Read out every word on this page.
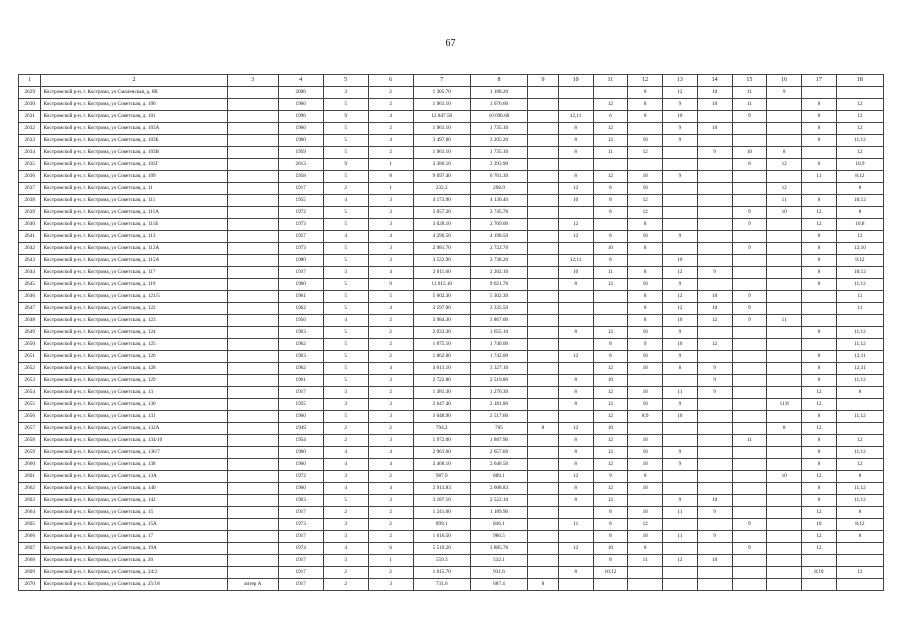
67
1	2	3	4	5	6	7	8	9	10	11	12	13	14	15	16	17	18
2629	Костромской р-н, г. Кострома, ул Смоленская, д. 6В		2006	3	2	1 305.70	1 188.20				8	12	10	11	9		
2630	Костромской р-н, г. Кострома, ул Советская, д. 100		1966	5	2	1 961.10	1 676.60			12	8	9	10	11		8	12
2631	Костромской р-н, г. Кострома, ул Советская, д. 101		1996	9	4	12 847.50	10 696.60		12,11	6	8	10		9		8	12
2632	Костромской р-н, г. Кострома, ул Советская, д. 103А		1966	5	2	1 961.10	1 735.10		8	12		9	10			8	12
2633	Костромской р-н, г. Кострома, ул Советская, д. 103Б		1960	5	4	3 497.00	3 205.20		8	12	10	9				8	11;12
2634	Костромской р-н, г. Кострома, ул Советская, д. 103В		1959	5	2	1 961.10	1 735.10		8	11	12		9	10	8		12
2635	Костромской р-н, г. Кострома, ул Советская, д. 103Г		2013	9	1	3 380.10	2 393.90							8	12	6	10,9
2636	Костромской р-н, г. Кострома, ул Советская, д. 109		1958	5	8	9 697.40	6 701.30		8	12	10	9				11	8;12
2637	Костромской р-н, г. Кострома, ул Советская, д. 11		1917	2	1	232.2	208.9		12	8	10				12		8
2638	Костромской р-н, г. Кострома, ул Советская, д. 111		1955	4	3	4 173.90	4 130.40		10	8	12				11	8	10;12
2639	Костромской р-н, г. Кострома, ул Советская, д. 111А		1972	5	3	3 057.20	2 745.70			8	12			9	10	12	8
2640	Костромской р-н, г. Кострома, ул Советская, д. 111Б		1973	5	3	3 028.10	2 769.00		12		8			9		12	10;8
2641	Костромской р-н, г. Кострома, ул Советская, д. 113		1957	4	4	4 290.50	4 198.50		12	8	10	9				8	12
2642	Костромской р-н, г. Кострома, ул Советская, д. 113А		1973	5	3	2 981.70	2 722.70			10	8			9		8	12;10
2643	Костромской р-н, г. Кострома, ул Советская, д. 115А		1980	5	3	3 522.90	2 738.20		12;11	8		10				8	9;12
2644	Костромской р-н, г. Кострома, ул Советская, д. 117		1937	3	4	2 811.60	2 202.10		10	11	8	12	9			8	10;12
2645	Костромской р-н, г. Кострома, ул Советская, д. 119		1960	5	9	11 015.10	9 021.70		8	12	10	9				8	11;12
2646	Костромской р-н, г. Кострома, ул Советская, д. 121/5		1961	5	5	5 602.30	5 302.30				8	12	10	9			11
2647	Костромской р-н, г. Кострома, ул Советская, д. 122		1962	5	4	3 597.90	3 335.50				8	12	10	9			11
2648	Костромской р-н, г. Кострома, ул Советская, д. 123		1956	4	2	3 984.30	3 867.00				8	10	12	9	11		
2649	Костромской р-н, г. Кострома, ул Советская, д. 124		1963	5	2	2 033.30	1 655.10		8	12	10	9				8	11;12
2650	Костромской р-н, г. Кострома, ул Советская, д. 125		1962	5	2	1 875.10	1 740.00			8	9	10	12				11;12
2651	Костромской р-н, г. Кострома, ул Советская, д. 126		1963	5	2	1 862.00	1 742.00		12	8	10	9				8	12;11
2652	Костромской р-н, г. Кострома, ул Советская, д. 128		1962	5	4	4 013.10	3 327.10			12	10	8	9			8	12;11
2653	Костромской р-н, г. Кострома, ул Советская, д. 129		1961	5	3	2 722.80	2 519.80		8	10			9			8	11;12
2654	Костромской р-н, г. Кострома, ул Советская, д. 13		1917	3	2	1 381.30	1 270.30		8	12	10	11	9			12	8
2655	Костромской р-н, г. Кострома, ул Советская, д. 130		1955	3	3	2 647.40	2 181.80		8	12	10	9			11;8	12	
2656	Костромской р-н, г. Кострома, ул Советская, д. 131		1960	5	3	3 048.90	2 517.60			12	8;9	10				8	11;12
2657	Костромской р-н, г. Кострома, ул Советская, д. 132А		1949	2	2	794.2	705	8	12	10					8	12	
2658	Костромской р-н, г. Кострома, ул Советская, д. 134/10		1954	2	3	1 972.00	1 887.90		8	12	10			11		8	12
2659	Костромской р-н, г. Кострома, ул Советская, д. 136/7		1960	4	4	2 961.60	2 657.60		8	12	10	9				8	11;12
2660	Костромской р-н, г. Кострома, ул Советская, д. 138		1960	4	4	3 468.10	2 646.50		8	12	10	9				8	12
2661	Костромской р-н, г. Кострома, ул Советская, д. 13А		1972	3	2	987.9	889.1		12	9	8				10	12	8
2662	Костромской р-н, г. Кострома, ул Советская, д. 140		1960	4	4	2 913.83	2 608.83		8	12	10					8	11;12
2663	Костромской р-н, г. Кострома, ул Советская, д. 142		1963	5	3	3 187.10	2 522.10		8	12		9	10			8	11;12
2664	Костромской р-н, г. Кострома, ул Советская, д. 15		1917	2	2	1 241.00	1 189.90			8	10	11	9			12	8
2665	Костромской р-н, г. Кострома, ул Советская, д. 15А		1973	3	2	899.1	846.1		11	8	12			9		10	8;12
2666	Костромской р-н, г. Кострома, ул Советская, д. 17		1917	3	2	1 016.50	986.5			8	10	11	9			12	8
2667	Костромской р-н, г. Кострома, ул Советская, д. 19А		1974	4	6	5 519.20	3 885.70		12	10	8			9		12	
2668	Костромской р-н, г. Кострома, ул Советская, д. 20		1917	3	1	559.3	532.1			8	11	12	10				
2669	Костромской р-н, г. Кострома, ул Советская, д. 24/2		1917	2	2	1 015.70	931.6		8	10;12						8;10	12
2670	Костромской р-н, г. Кострома, ул Советская, д. 25/18	литер А	1917	2	3	731.6	687.4	8									
